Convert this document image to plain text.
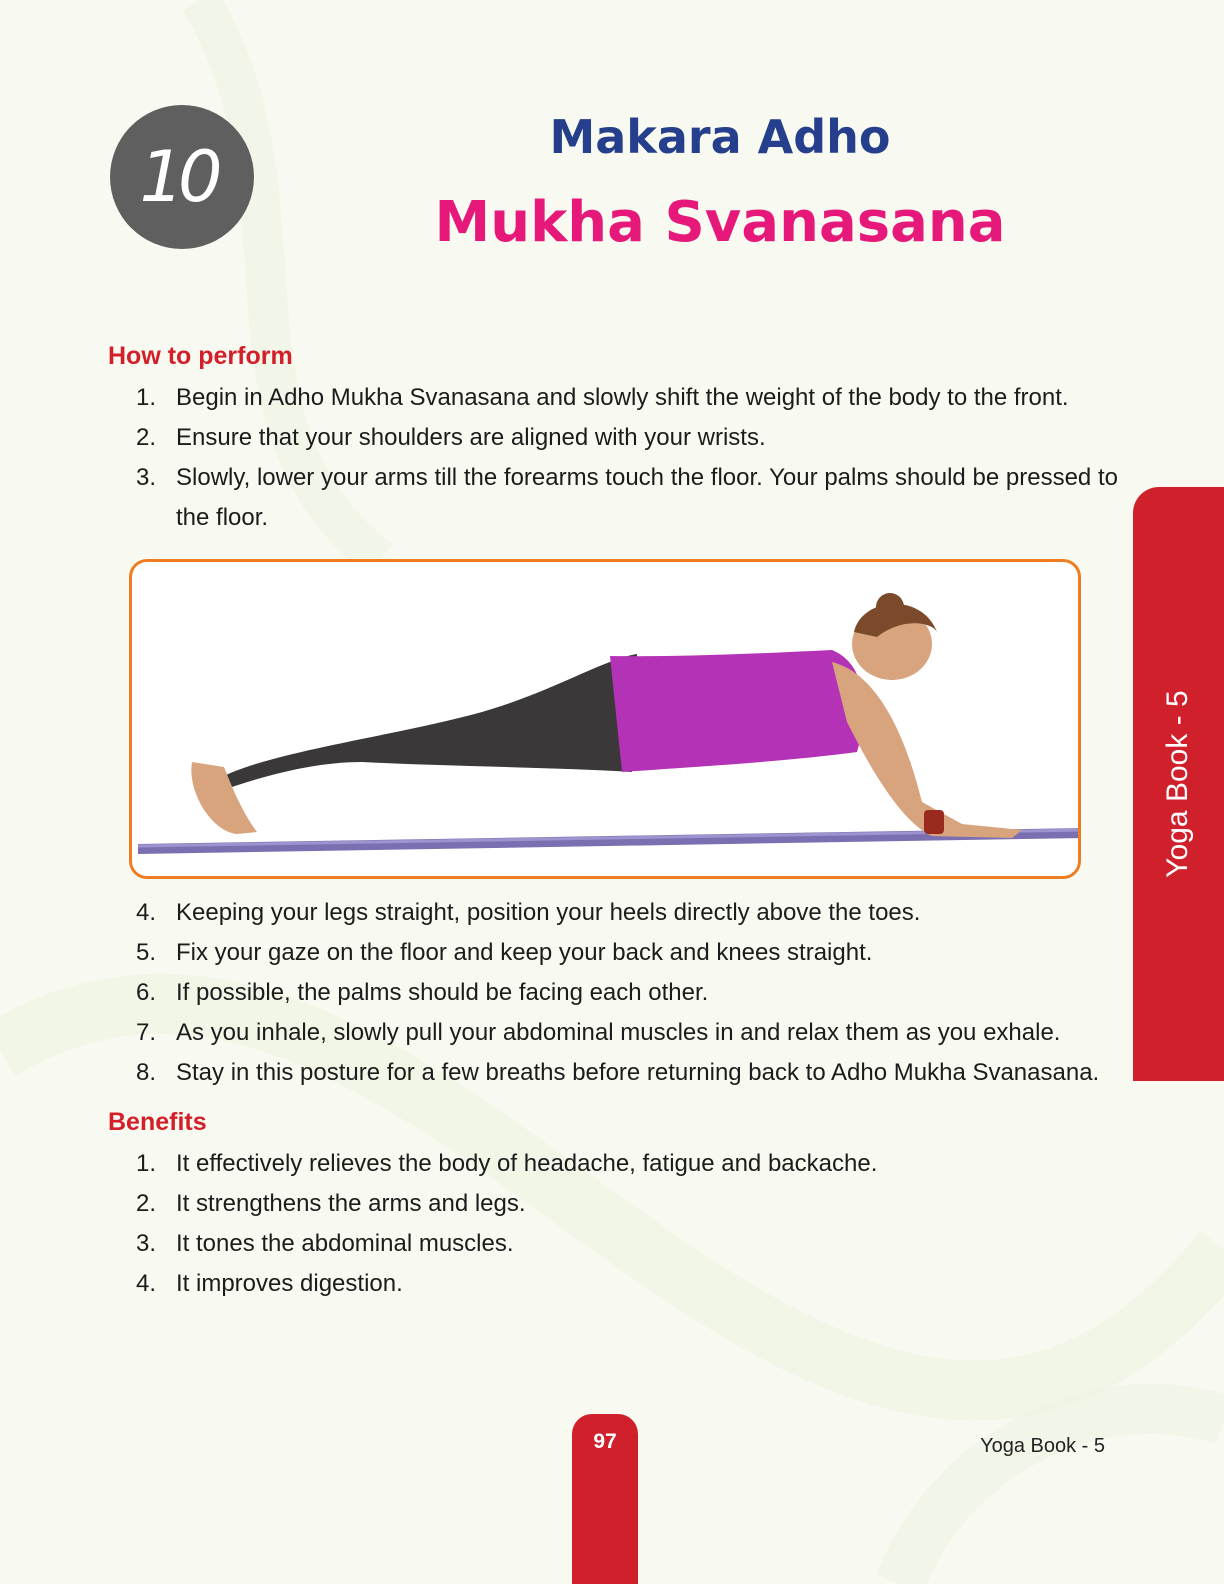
10	Makara Adho
Mukha Svanasana
How to perform
1. Begin in Adho Mukha Svanasana and slowly shift the weight of the body to the front.
2. Ensure that your shoulders are aligned with your wrists.
3. Slowly, lower your arms till the forearms touch the floor. Your palms should be pressed to the floor.
4. Keeping your legs straight, position your heels directly above the toes.
5. Fix your gaze on the floor and keep your back and knees straight.
6. If possible, the palms should be facing each other.
7. As you inhale, slowly pull your abdominal muscles in and relax them as you exhale.
8. Stay in this posture for a few breaths before returning back to Adho Mukha Svanasana.
Benefits
1. It effectively relieves the body of headache, fatigue and backache.
2. It strengthens the arms and legs.
3. It tones the abdominal muscles.
4. It improves digestion.
Yoga Book - 5
97	Yoga Book - 5
